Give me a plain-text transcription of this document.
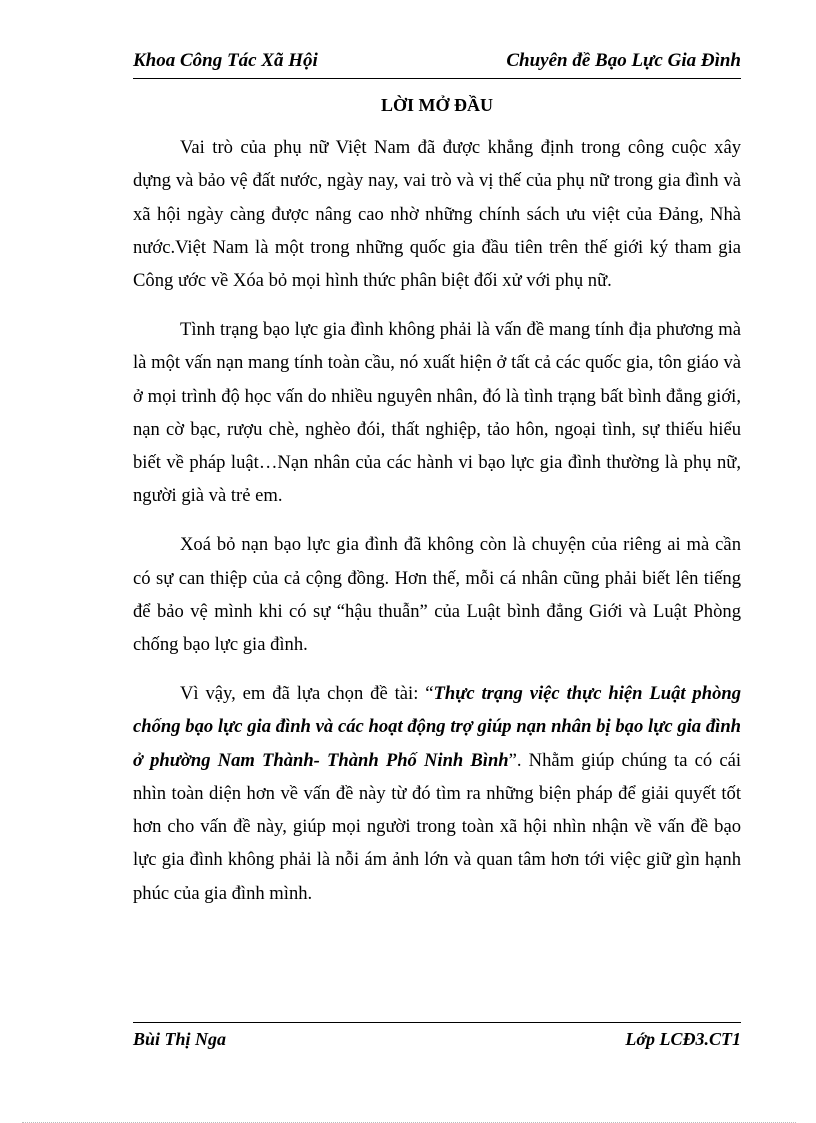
Khoa Công Tác Xã Hội	Chuyên đề Bạo Lực Gia Đình
LỜI MỞ ĐẦU

Vai trò của phụ nữ Việt Nam đã được khẳng định trong công cuộc xây dựng và bảo vệ đất nước, ngày nay, vai trò và vị thế của phụ nữ trong gia đình và xã hội ngày càng được nâng cao nhờ những chính sách ưu việt của Đảng, Nhà nước.Việt Nam là một trong những quốc gia đầu tiên trên thế giới ký tham gia Công ước về Xóa bỏ mọi hình thức phân biệt đối xử với phụ nữ.

Tình trạng bạo lực gia đình không phải là vấn đề mang tính địa phương mà là một vấn nạn mang tính toàn cầu, nó xuất hiện ở tất cả các quốc gia, tôn giáo và ở mọi trình độ học vấn do nhiều nguyên nhân, đó là tình trạng bất bình đẳng giới, nạn cờ bạc, rượu chè, nghèo đói, thất nghiệp, tảo hôn, ngoại tình, sự thiếu hiểu biết về pháp luật…Nạn nhân của các hành vi bạo lực gia đình thường là phụ nữ, người già và trẻ em.

Xoá bỏ nạn bạo lực gia đình đã không còn là chuyện của riêng ai mà cần có sự can thiệp của cả cộng đồng. Hơn thế, mỗi cá nhân cũng phải biết lên tiếng để bảo vệ mình khi có sự “hậu thuẫn” của Luật bình đẳng Giới và Luật Phòng chống bạo lực gia đình.

Vì vậy, em đã lựa chọn đề tài: “Thực trạng việc thực hiện Luật phòng chống bạo lực gia đình và các hoạt động trợ giúp nạn nhân bị bạo lực gia đình ở phường Nam Thành- Thành Phố Ninh Bình”. Nhằm giúp chúng ta có cái nhìn toàn diện hơn về vấn đề này từ đó tìm ra những biện pháp để giải quyết tốt hơn cho vấn đề này, giúp mọi người trong toàn xã hội nhìn nhận về vấn đề bạo lực gia đình không phải là nỗi ám ảnh lớn và quan tâm hơn tới việc giữ gìn hạnh phúc của gia đình mình.

Bùi Thị Nga	Lớp LCĐ3.CT1
